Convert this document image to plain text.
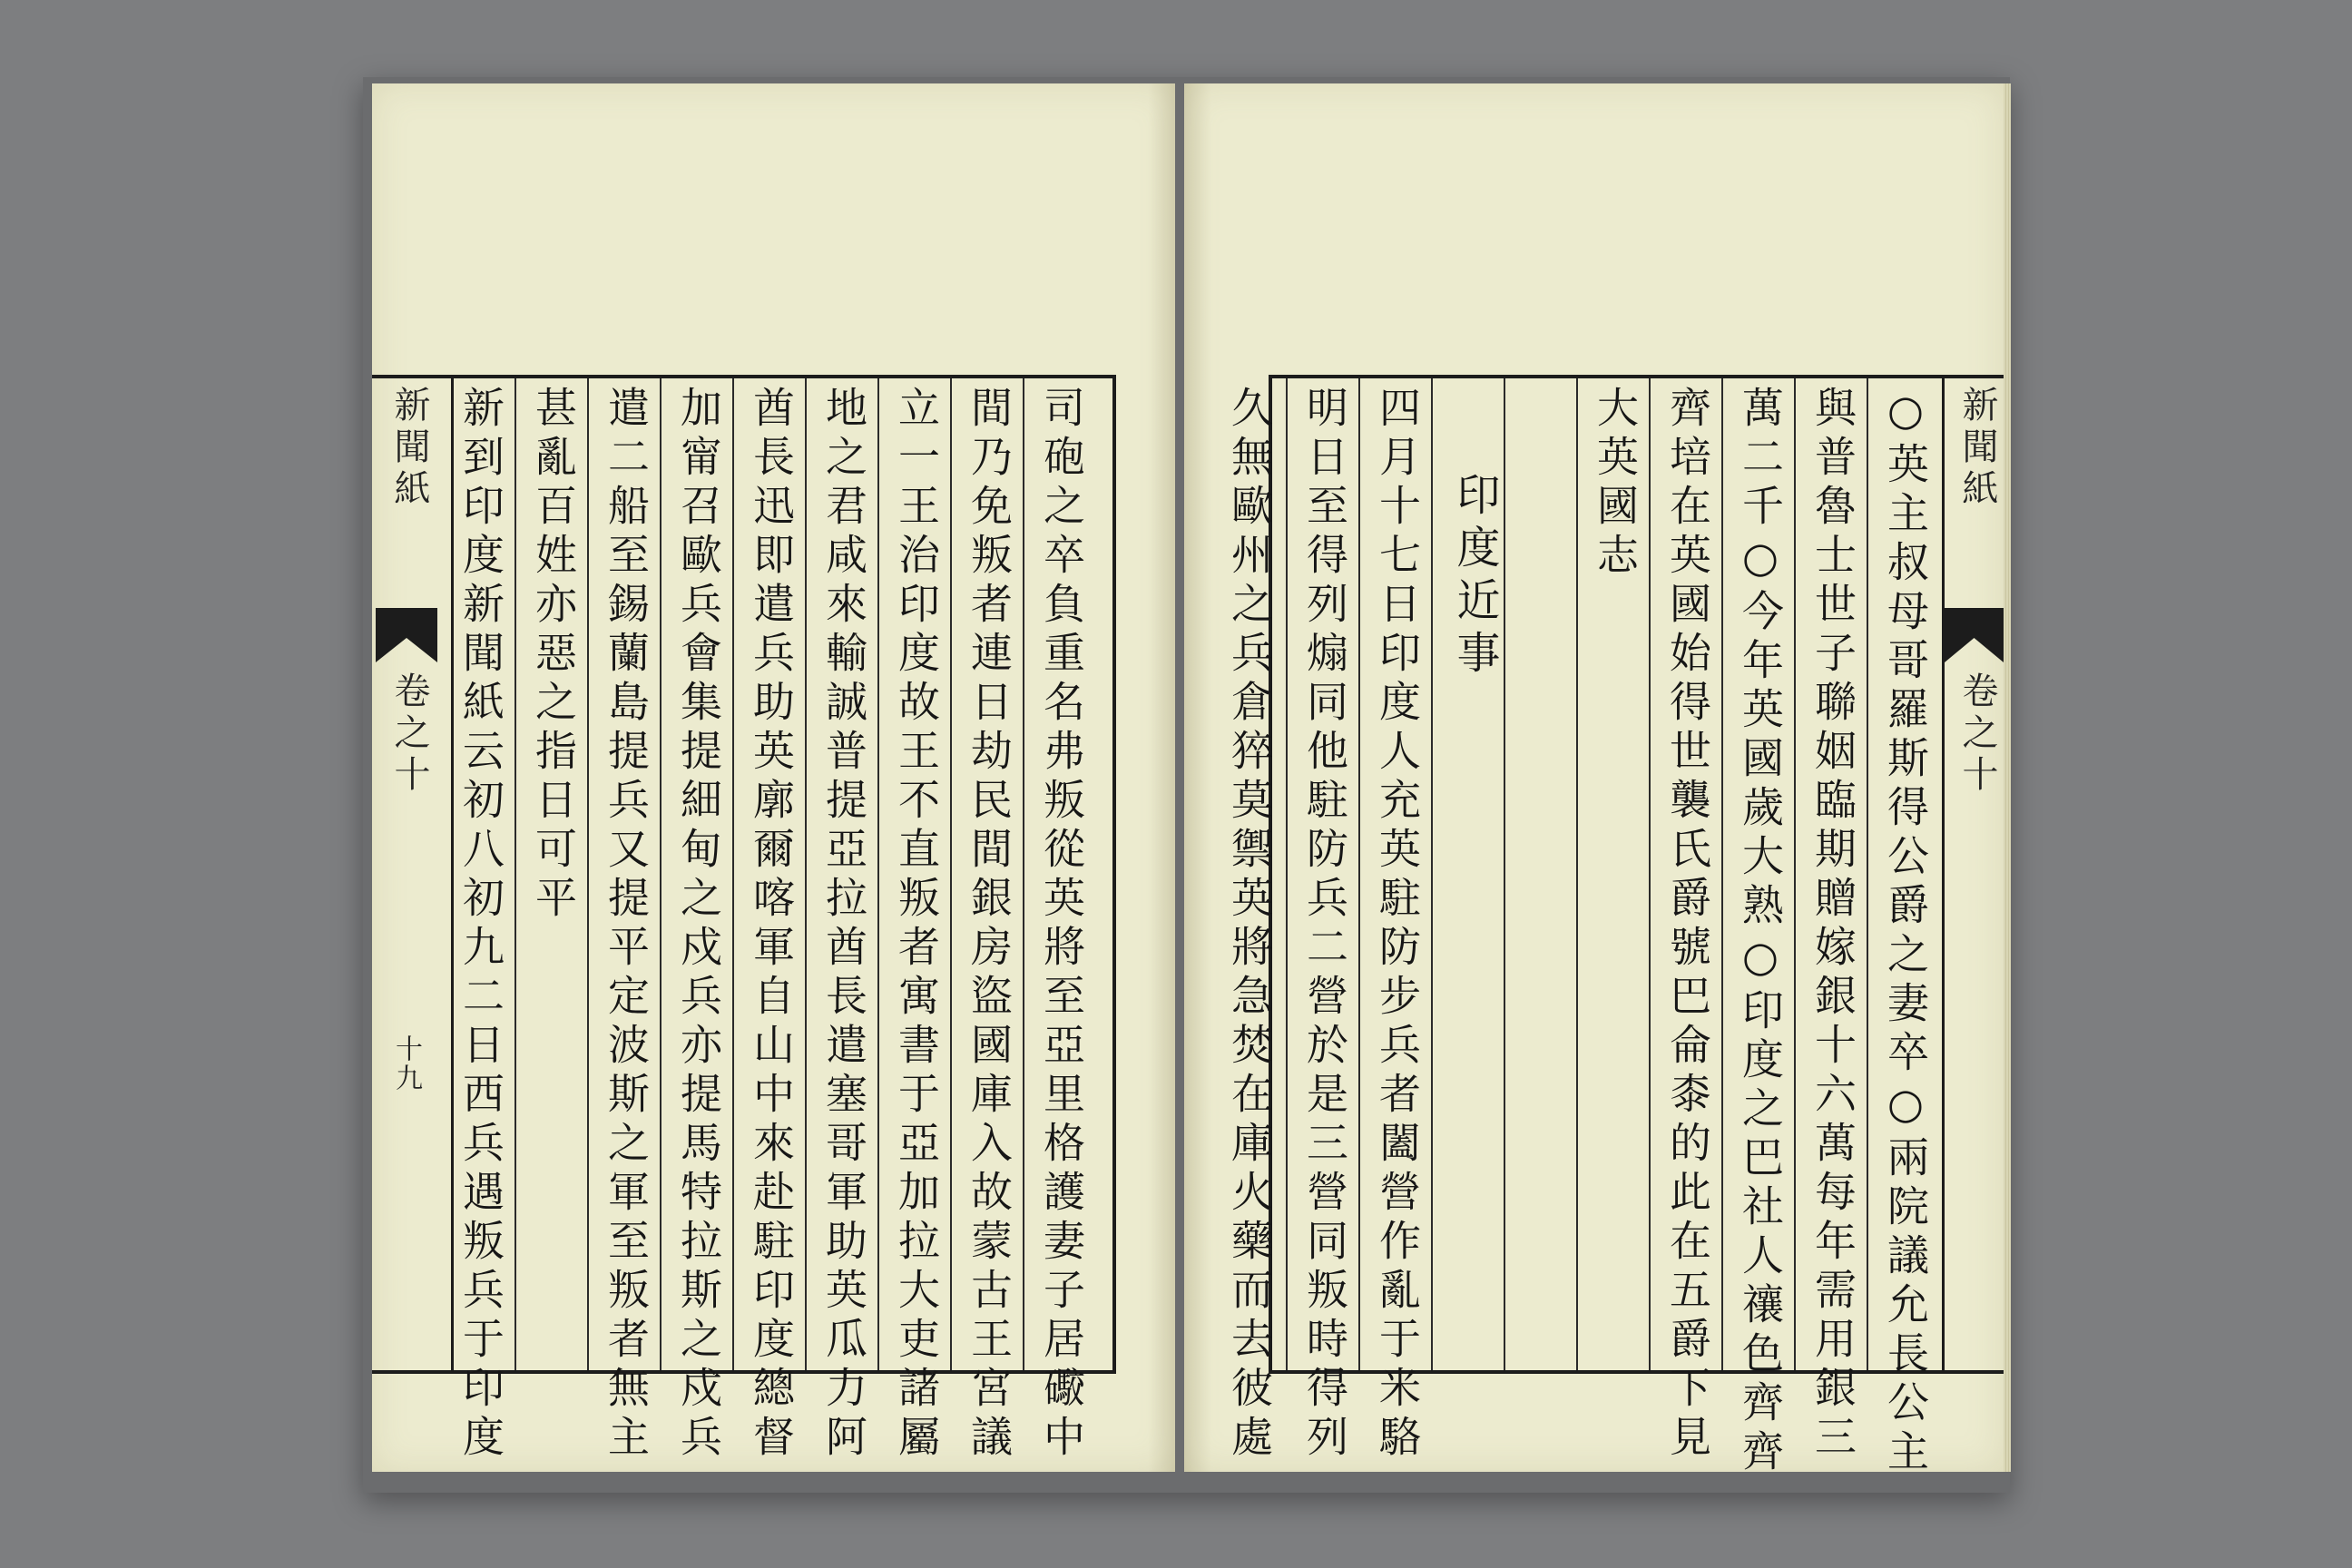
新聞紙
卷之十
十九	司砲之卒負重名弗叛從英將至亞里格護妻子居礮中
間乃免叛者連日劫民間銀房盜國庫入故蒙古王宮議
立一王治印度故王不直叛者寓書于亞加拉大吏諸屬
地之君咸來輸誠普提亞拉酋長遣塞哥軍助英瓜力阿
酋長迅即遣兵助英廓爾喀軍自山中來赴駐印度總督
加甯召歐兵會集提細甸之戍兵亦提馬特拉斯之戍兵
遣二船至錫蘭島提兵又提平定波斯之軍至叛者無主
甚亂百姓亦惡之指日可平
新到印度新聞紙云初八初九二日西兵遇叛兵于印度	新聞紙
卷之十
○英主叔母哥羅斯得公爵之妻卒○兩院議允長公主
與普魯士世子聯姻臨期贈嫁銀十六萬每年需用銀三
萬二千○今年英國歲大熟○印度之巴社人禳色齊齊
齊培在英國始得世襲氏爵號巴侖桼的此在五爵下見
大英國志
印度近事
四月十七日印度人充英駐防步兵者闔營作亂于米駱
明日至得列煽同他駐防兵二營於是三營同叛時得列
